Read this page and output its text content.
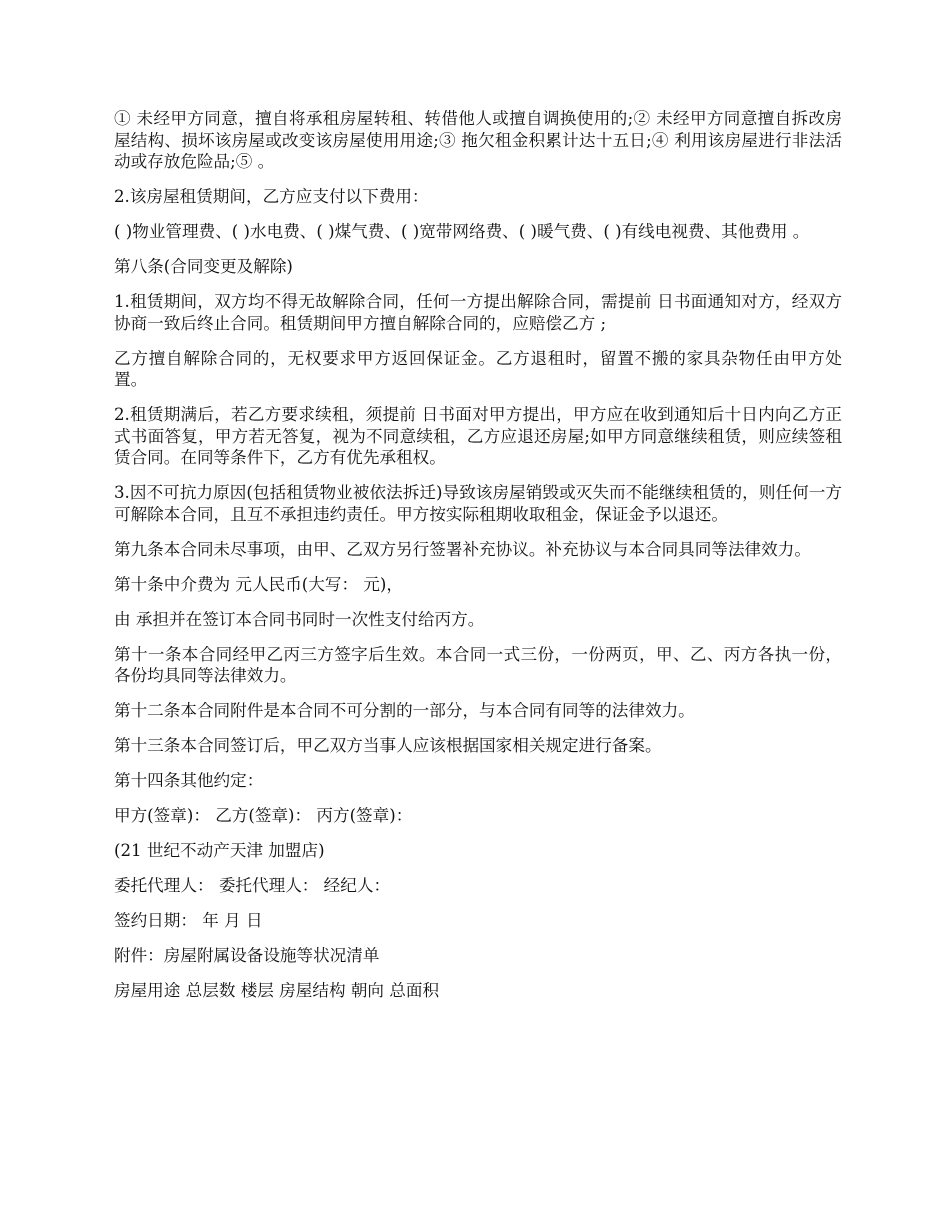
① 未经甲方同意，擅自将承租房屋转租、转借他人或擅自调换使用的;② 未经甲方同意擅自拆改房屋结构、损坏该房屋或改变该房屋使用用途;③ 拖欠租金积累计达十五日;④ 利用该房屋进行非法活动或存放危险品;⑤ 。

2.该房屋租赁期间，乙方应支付以下费用：

( )物业管理费、( )水电费、( )煤气费、( )宽带网络费、( )暖气费、( )有线电视费、其他费用 。

第八条(合同变更及解除)

1.租赁期间，双方均不得无故解除合同，任何一方提出解除合同，需提前 日书面通知对方，经双方协商一致后终止合同。租赁期间甲方擅自解除合同的，应赔偿乙方 ;

乙方擅自解除合同的，无权要求甲方返回保证金。乙方退租时，留置不搬的家具杂物任由甲方处置。

2.租赁期满后，若乙方要求续租，须提前 日书面对甲方提出，甲方应在收到通知后十日内向乙方正式书面答复，甲方若无答复，视为不同意续租，乙方应退还房屋;如甲方同意继续租赁，则应续签租赁合同。在同等条件下，乙方有优先承租权。

3.因不可抗力原因(包括租赁物业被依法拆迁)导致该房屋销毁或灭失而不能继续租赁的，则任何一方可解除本合同，且互不承担违约责任。甲方按实际租期收取租金，保证金予以退还。

第九条本合同未尽事项，由甲、乙双方另行签署补充协议。补充协议与本合同具同等法律效力。

第十条中介费为 元人民币(大写： 元)，

由 承担并在签订本合同书同时一次性支付给丙方。

第十一条本合同经甲乙丙三方签字后生效。本合同一式三份，一份两页，甲、乙、丙方各执一份，各份均具同等法律效力。

第十二条本合同附件是本合同不可分割的一部分，与本合同有同等的法律效力。

第十三条本合同签订后，甲乙双方当事人应该根据国家相关规定进行备案。

第十四条其他约定：

甲方(签章)： 乙方(签章)： 丙方(签章)：

(21 世纪不动产天津 加盟店)

委托代理人： 委托代理人： 经纪人：

签约日期： 年 月 日

附件：房屋附属设备设施等状况清单

房屋用途 总层数 楼层 房屋结构 朝向 总面积
